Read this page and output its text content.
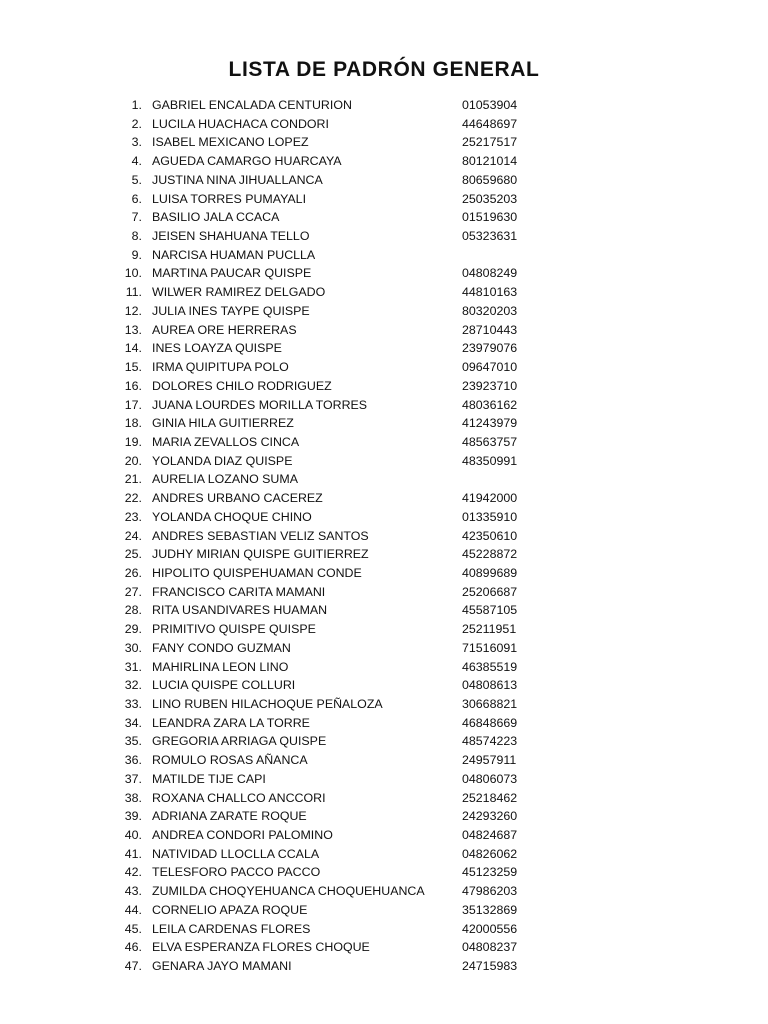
LISTA DE PADRÓN GENERAL
1. GABRIEL ENCALADA CENTURION	01053904
2. LUCILA HUACHACA CONDORI	44648697
3. ISABEL MEXICANO LOPEZ	25217517
4. AGUEDA CAMARGO HUARCAYA	80121014
5. JUSTINA NINA JIHUALLANCA	80659680
6. LUISA TORRES PUMAYALI	25035203
7. BASILIO JALA CCACA	01519630
8. JEISEN SHAHUANA TELLO	05323631
9. NARCISA HUAMAN PUCLLA
10. MARTINA PAUCAR QUISPE	04808249
11. WILWER RAMIREZ DELGADO	44810163
12. JULIA INES TAYPE QUISPE	80320203
13. AUREA ORE HERRERAS	28710443
14. INES LOAYZA QUISPE	23979076
15. IRMA QUIPITUPA POLO	09647010
16. DOLORES CHILO RODRIGUEZ	23923710
17. JUANA LOURDES MORILLA TORRES	48036162
18. GINIA HILA GUITIERREZ	41243979
19. MARIA ZEVALLOS CINCA	48563757
20. YOLANDA DIAZ QUISPE	48350991
21. AURELIA LOZANO SUMA
22. ANDRES URBANO CACEREZ	41942000
23. YOLANDA CHOQUE CHINO	01335910
24. ANDRES SEBASTIAN VELIZ SANTOS	42350610
25. JUDHY MIRIAN QUISPE GUITIERREZ	45228872
26. HIPOLITO QUISPEHUAMAN CONDE	40899689
27. FRANCISCO CARITA MAMANI	25206687
28. RITA USANDIVARES HUAMAN	45587105
29. PRIMITIVO QUISPE QUISPE	25211951
30. FANY CONDO GUZMAN	71516091
31. MAHIRLINA LEON LINO	46385519
32. LUCIA QUISPE COLLURI	04808613
33. LINO RUBEN HILACHOQUE PEÑALOZA	30668821
34. LEANDRA ZARA LA TORRE	46848669
35. GREGORIA ARRIAGA QUISPE	48574223
36. ROMULO ROSAS AÑANCA	24957911
37. MATILDE TIJE CAPI	04806073
38. ROXANA CHALLCO ANCCORI	25218462
39. ADRIANA ZARATE ROQUE	24293260
40. ANDREA CONDORI PALOMINO	04824687
41. NATIVIDAD LLOCLLA CCALA	04826062
42. TELESFORO PACCO PACCO	45123259
43. ZUMILDA CHOQYEHUANCA CHOQUEHUANCA	47986203
44. CORNELIO APAZA ROQUE	35132869
45. LEILA CARDENAS FLORES	42000556
46. ELVA ESPERANZA FLORES CHOQUE	04808237
47. GENARA JAYO MAMANI	24715983
